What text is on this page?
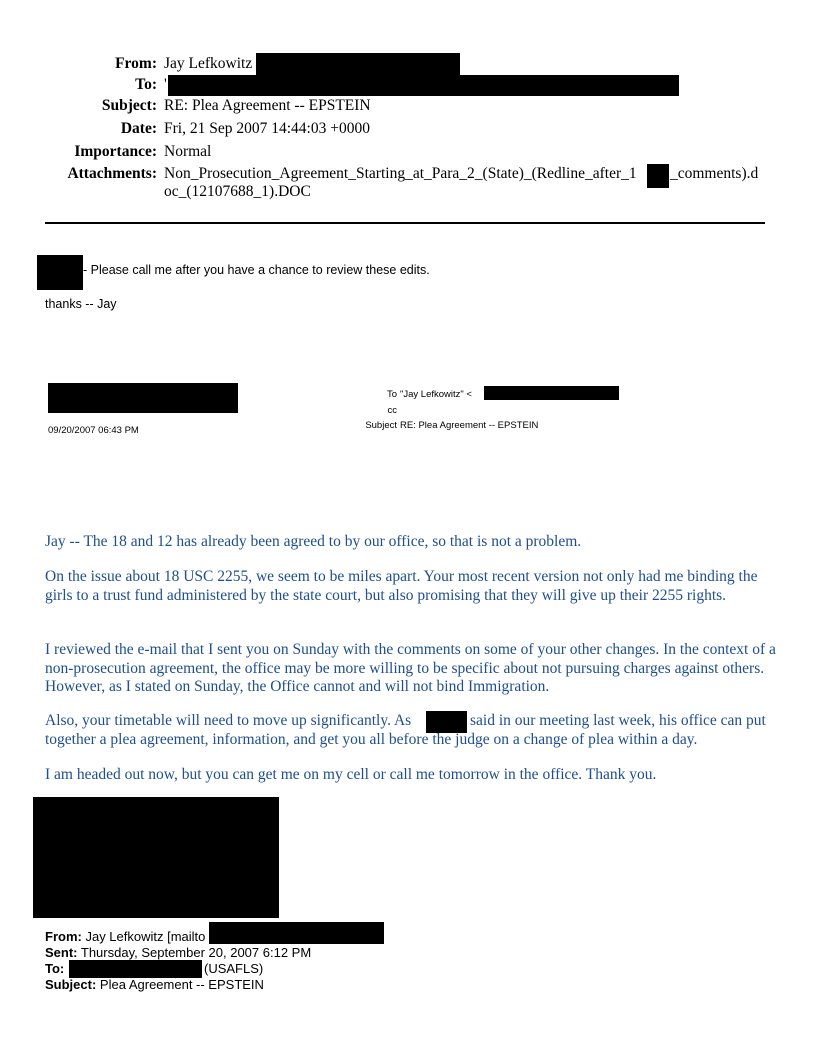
From: Jay Lefkowitz
To: '
Subject: RE: Plea Agreement -- EPSTEIN
Date: Fri, 21 Sep 2007 14:44:03 +0000
Importance: Normal
Attachments: Non_Prosecution_Agreement_Starting_at_Para_2_(State)_(Redline_after_1 _comments).d
oc_(12107688_1).DOC
- Please call me after you have a chance to review these edits.
thanks -- Jay
09/20/2007 06:43 PM
To "Jay Lefkowitz" <
cc
Subject RE: Plea Agreement -- EPSTEIN
Jay -- The 18 and 12 has already been agreed to by our office, so that is not a problem.
On the issue about 18 USC 2255, we seem to be miles apart. Your most recent version not only had me binding the girls to a trust fund administered by the state court, but also promising that they will give up their 2255 rights.
I reviewed the e-mail that I sent you on Sunday with the comments on some of your other changes. In the context of a non-prosecution agreement, the office may be more willing to be specific about not pursuing charges against others. However, as I stated on Sunday, the Office cannot and will not bind Immigration.
Also, your timetable will need to move up significantly. As	said in our meeting last week, his office can put together a plea agreement, information, and get you all before the judge on a change of plea within a day.
I am headed out now, but you can get me on my cell or call me tomorrow in the office. Thank you.
From: Jay Lefkowitz [mailto
Sent: Thursday, September 20, 2007 6:12 PM
To:	(USAFLS)
Subject: Plea Agreement -- EPSTEIN
